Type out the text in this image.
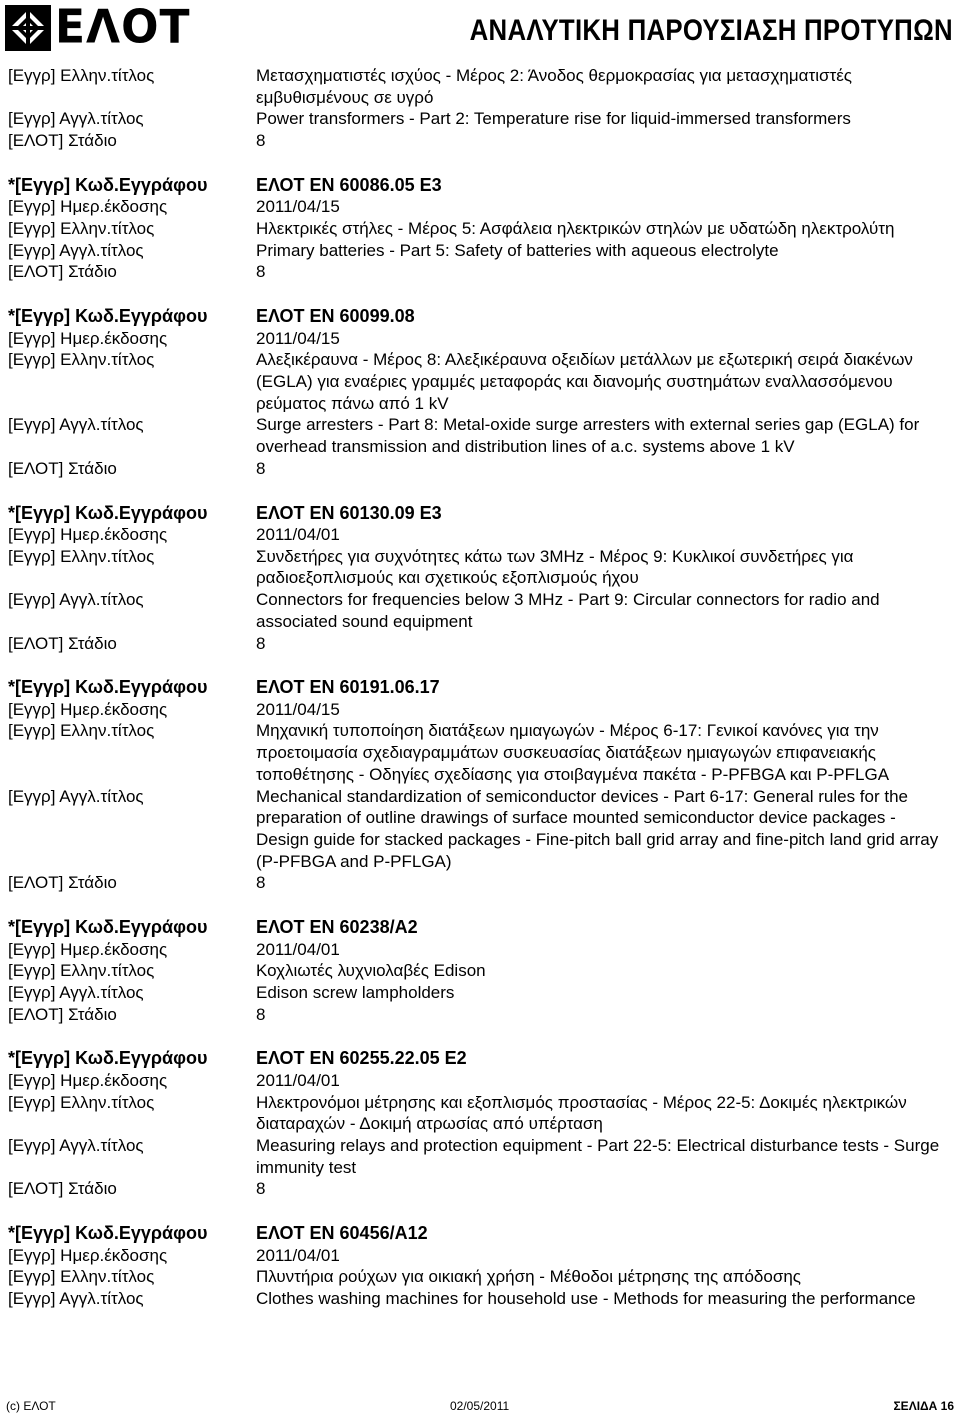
ΕΛΟΤ	ΑΝΑΛΥΤΙΚΗ ΠΑΡΟΥΣΙΑΣΗ ΠΡΟΤΥΠΩΝ
[Εγγρ] Ελλην.τίτλος	Μετασχηματιστές ισχύος - Μέρος 2: Άνοδος θερμοκρασίας για μετασχηματιστές εμβυθισμένους σε υγρό
[Εγγρ] Αγγλ.τίτλος	Power transformers - Part 2: Temperature rise for liquid-immersed transformers
[ΕΛΟΤ] Στάδιο	8
*[Εγγρ] Κωδ.Εγγράφου	ΕΛΟΤ EN 60086.05 E3
[Εγγρ] Ημερ.έκδοσης	2011/04/15
[Εγγρ] Ελλην.τίτλος	Ηλεκτρικές στήλες - Μέρος 5: Ασφάλεια ηλεκτρικών στηλών με υδατώδη ηλεκτρολύτη
[Εγγρ] Αγγλ.τίτλος	Primary batteries - Part 5: Safety of batteries with aqueous electrolyte
[ΕΛΟΤ] Στάδιο	8
*[Εγγρ] Κωδ.Εγγράφου	ΕΛΟΤ EN 60099.08
[Εγγρ] Ημερ.έκδοσης	2011/04/15
[Εγγρ] Ελλην.τίτλος	Αλεξικέραυνα - Μέρος 8: Αλεξικέραυνα οξειδίων μετάλλων με εξωτερική σειρά διακένων (EGLA) για εναέριες γραμμές μεταφοράς και διανομής συστημάτων εναλλασσόμενου ρεύματος πάνω από 1 kV
[Εγγρ] Αγγλ.τίτλος	Surge arresters - Part 8: Metal-oxide surge arresters with external series gap (EGLA) for overhead transmission and distribution lines of a.c. systems above 1 kV
[ΕΛΟΤ] Στάδιο	8
*[Εγγρ] Κωδ.Εγγράφου	ΕΛΟΤ EN 60130.09 E3
[Εγγρ] Ημερ.έκδοσης	2011/04/01
[Εγγρ] Ελλην.τίτλος	Συνδετήρες για συχνότητες κάτω των 3MHz - Μέρος 9: Κυκλικοί συνδετήρες για ραδιοεξοπλισμούς και σχετικούς εξοπλισμούς ήχου
[Εγγρ] Αγγλ.τίτλος	Connectors for frequencies below 3 MHz - Part 9: Circular connectors for radio and associated sound equipment
[ΕΛΟΤ] Στάδιο	8
*[Εγγρ] Κωδ.Εγγράφου	ΕΛΟΤ EN 60191.06.17
[Εγγρ] Ημερ.έκδοσης	2011/04/15
[Εγγρ] Ελλην.τίτλος	Μηχανική τυποποίηση διατάξεων ημιαγωγών - Μέρος 6-17: Γενικοί κανόνες για την προετοιμασία σχεδιαγραμμάτων συσκευασίας διατάξεων ημιαγωγών επιφανειακής τοποθέτησης - Οδηγίες σχεδίασης για στοιβαγμένα πακέτα - P-PFBGA και P-PFLGA
[Εγγρ] Αγγλ.τίτλος	Mechanical standardization of semiconductor devices - Part 6-17: General rules for the preparation of outline drawings of surface mounted semiconductor device packages - Design guide for stacked packages - Fine-pitch ball grid array and fine-pitch land grid array (P-PFBGA and P-PFLGA)
[ΕΛΟΤ] Στάδιο	8
*[Εγγρ] Κωδ.Εγγράφου	ΕΛΟΤ EN 60238/A2
[Εγγρ] Ημερ.έκδοσης	2011/04/01
[Εγγρ] Ελλην.τίτλος	Κοχλιωτές λυχνιολαβές Edison
[Εγγρ] Αγγλ.τίτλος	Edison screw lampholders
[ΕΛΟΤ] Στάδιο	8
*[Εγγρ] Κωδ.Εγγράφου	ΕΛΟΤ EN 60255.22.05 E2
[Εγγρ] Ημερ.έκδοσης	2011/04/01
[Εγγρ] Ελλην.τίτλος	Ηλεκτρονόμοι μέτρησης και εξοπλισμός προστασίας - Μέρος 22-5: Δοκιμές ηλεκτρικών διαταραχών - Δοκιμή ατρωσίας από υπέρταση
[Εγγρ] Αγγλ.τίτλος	Measuring relays and protection equipment - Part 22-5: Electrical disturbance tests - Surge immunity test
[ΕΛΟΤ] Στάδιο	8
*[Εγγρ] Κωδ.Εγγράφου	ΕΛΟΤ EN 60456/A12
[Εγγρ] Ημερ.έκδοσης	2011/04/01
[Εγγρ] Ελλην.τίτλος	Πλυντήρια ρούχων για οικιακή χρήση - Μέθοδοι μέτρησης της απόδοσης
[Εγγρ] Αγγλ.τίτλος	Clothes washing machines for household use - Methods for measuring the performance
(c) ΕΛΟΤ	02/05/2011	ΣΕΛΙΔΑ 16
